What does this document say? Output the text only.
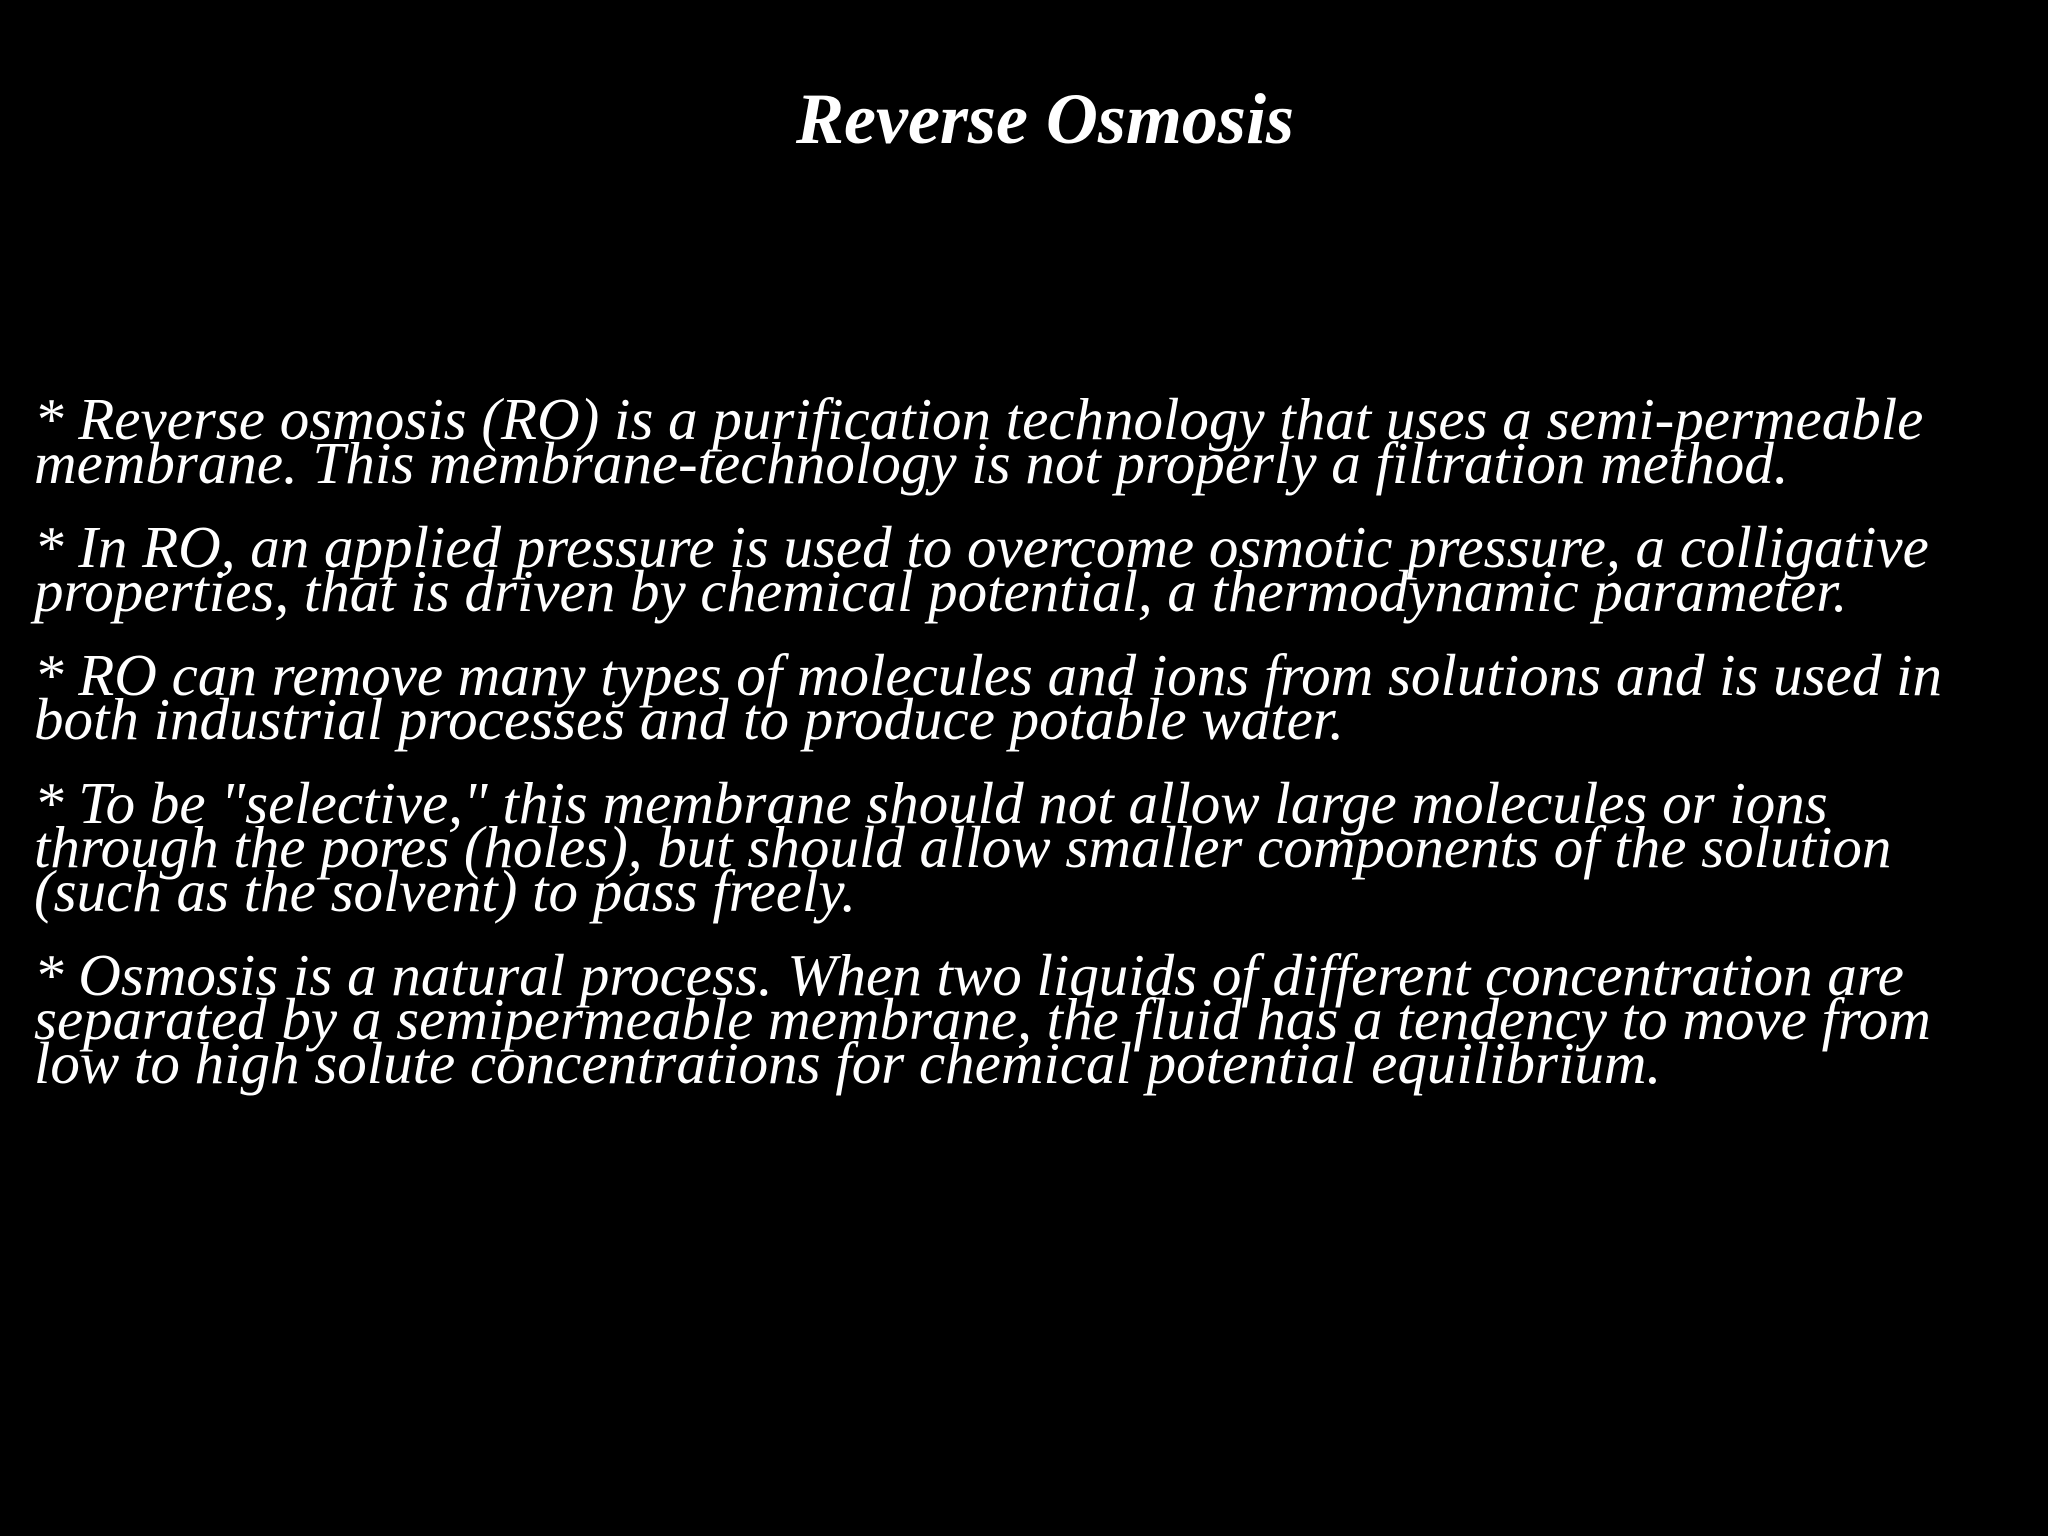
Reverse Osmosis
* Reverse osmosis (RO) is a purification technology that uses a semi-permeable membrane. This membrane-technology is not properly a filtration method.
* In RO, an applied pressure is used to overcome osmotic pressure, a colligative properties, that is driven by chemical potential, a thermodynamic parameter.
* RO can remove many types of molecules and ions from solutions and is used in both industrial processes and to produce potable water.
* To be "selective," this membrane should not allow large molecules or ions through the pores (holes), but should allow smaller components of the solution (such as the solvent) to pass freely.
* Osmosis is a natural process. When two liquids of different concentration are separated by a semipermeable membrane, the fluid has a tendency to move from low to high solute concentrations for chemical potential equilibrium.
